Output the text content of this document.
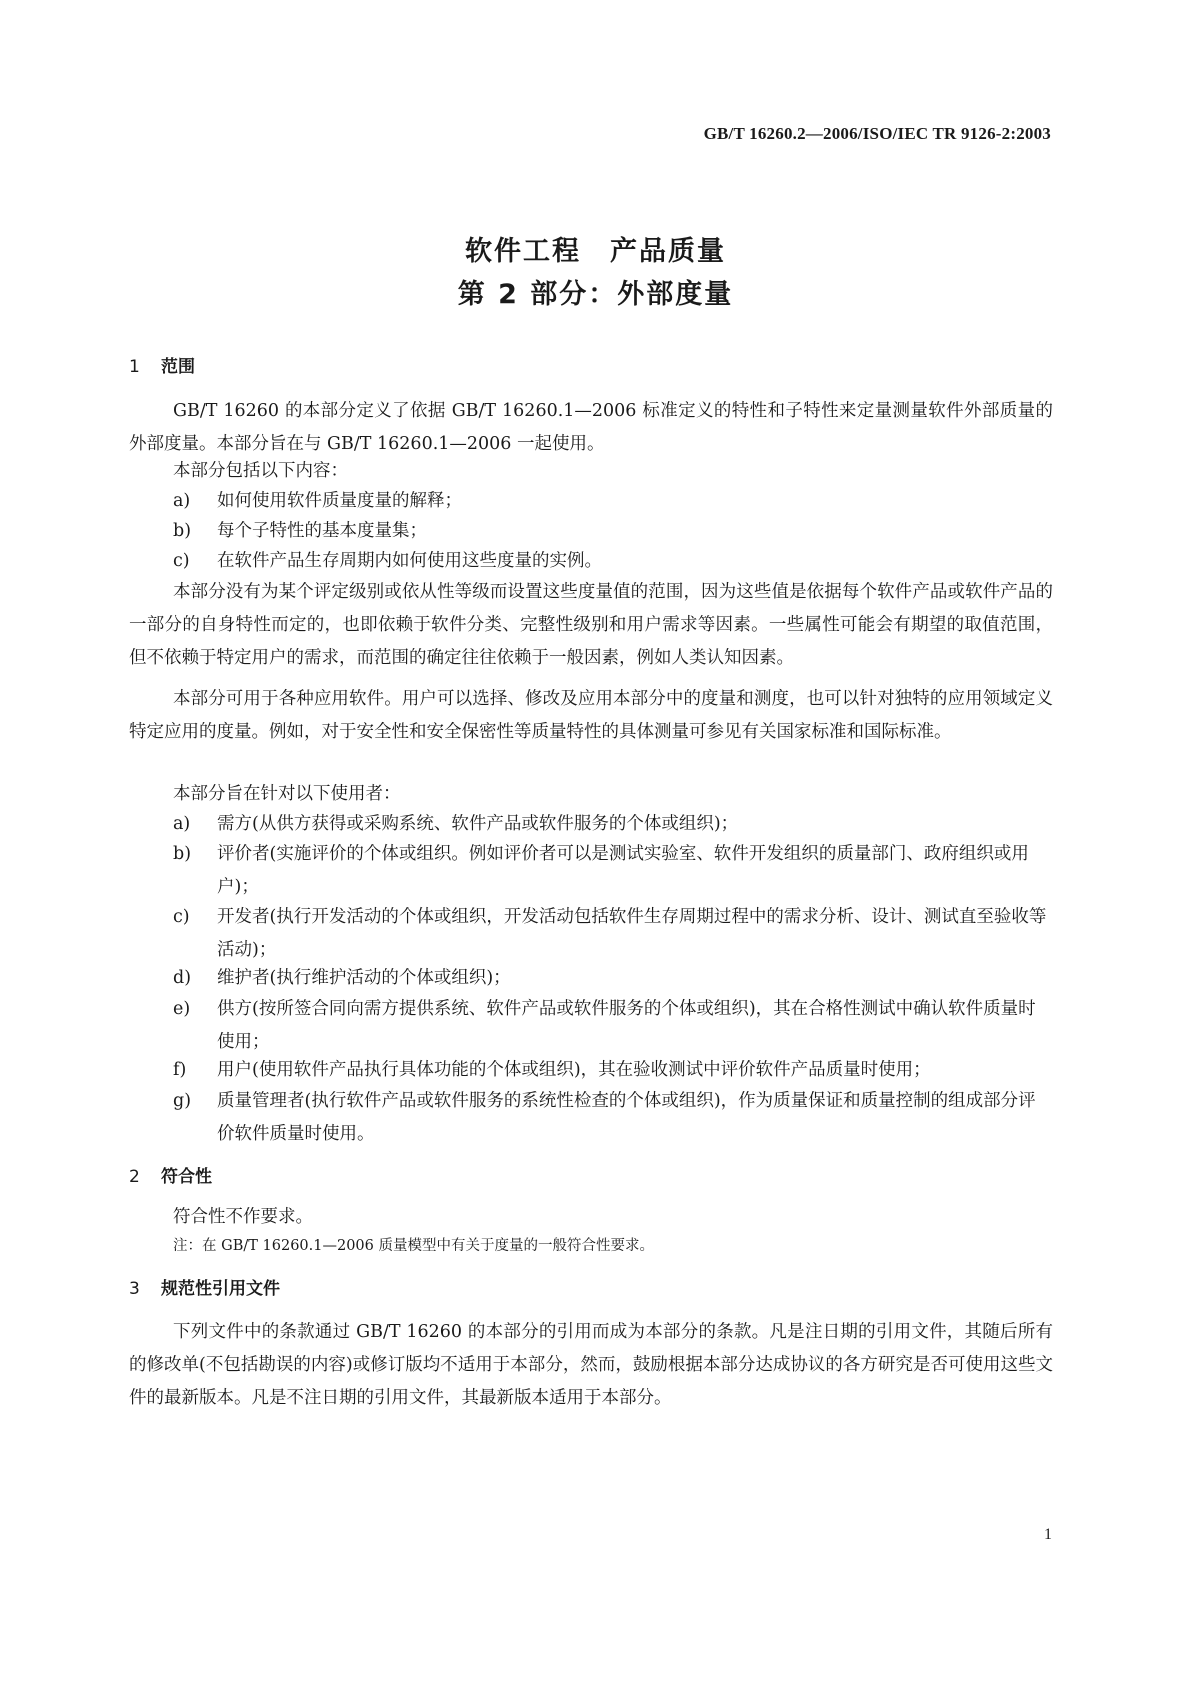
GB/T 16260.2—2006/ISO/IEC TR 9126-2:2003
软件工程　产品质量
第 2 部分：外部度量
1 范围
GB/T 16260 的本部分定义了依据 GB/T 16260.1—2006 标准定义的特性和子特性来定量测量软件外部质量的外部度量。本部分旨在与 GB/T 16260.1—2006 一起使用。
本部分包括以下内容：
a) 如何使用软件质量度量的解释；
b) 每个子特性的基本度量集；
c) 在软件产品生存周期内如何使用这些度量的实例。
本部分没有为某个评定级别或依从性等级而设置这些度量值的范围，因为这些值是依据每个软件产品或软件产品的一部分的自身特性而定的，也即依赖于软件分类、完整性级别和用户需求等因素。一些属性可能会有期望的取值范围，但不依赖于特定用户的需求，而范围的确定往往依赖于一般因素，例如人类认知因素。
本部分可用于各种应用软件。用户可以选择、修改及应用本部分中的度量和测度，也可以针对独特的应用领域定义特定应用的度量。例如，对于安全性和安全保密性等质量特性的具体测量可参见有关国家标准和国际标准。
本部分旨在针对以下使用者：
a) 需方(从供方获得或采购系统、软件产品或软件服务的个体或组织)；
b) 评价者(实施评价的个体或组织。例如评价者可以是测试实验室、软件开发组织的质量部门、政府组织或用户)；
c) 开发者(执行开发活动的个体或组织，开发活动包括软件生存周期过程中的需求分析、设计、测试直至验收等活动)；
d) 维护者(执行维护活动的个体或组织)；
e) 供方(按所签合同向需方提供系统、软件产品或软件服务的个体或组织)，其在合格性测试中确认软件质量时使用；
f) 用户(使用软件产品执行具体功能的个体或组织)，其在验收测试中评价软件产品质量时使用；
g) 质量管理者(执行软件产品或软件服务的系统性检查的个体或组织)，作为质量保证和质量控制的组成部分评价软件质量时使用。
2 符合性
符合性不作要求。
注：在 GB/T 16260.1—2006 质量模型中有关于度量的一般符合性要求。
3 规范性引用文件
下列文件中的条款通过 GB/T 16260 的本部分的引用而成为本部分的条款。凡是注日期的引用文件，其随后所有的修改单(不包括勘误的内容)或修订版均不适用于本部分，然而，鼓励根据本部分达成协议的各方研究是否可使用这些文件的最新版本。凡是不注日期的引用文件，其最新版本适用于本部分。
1
